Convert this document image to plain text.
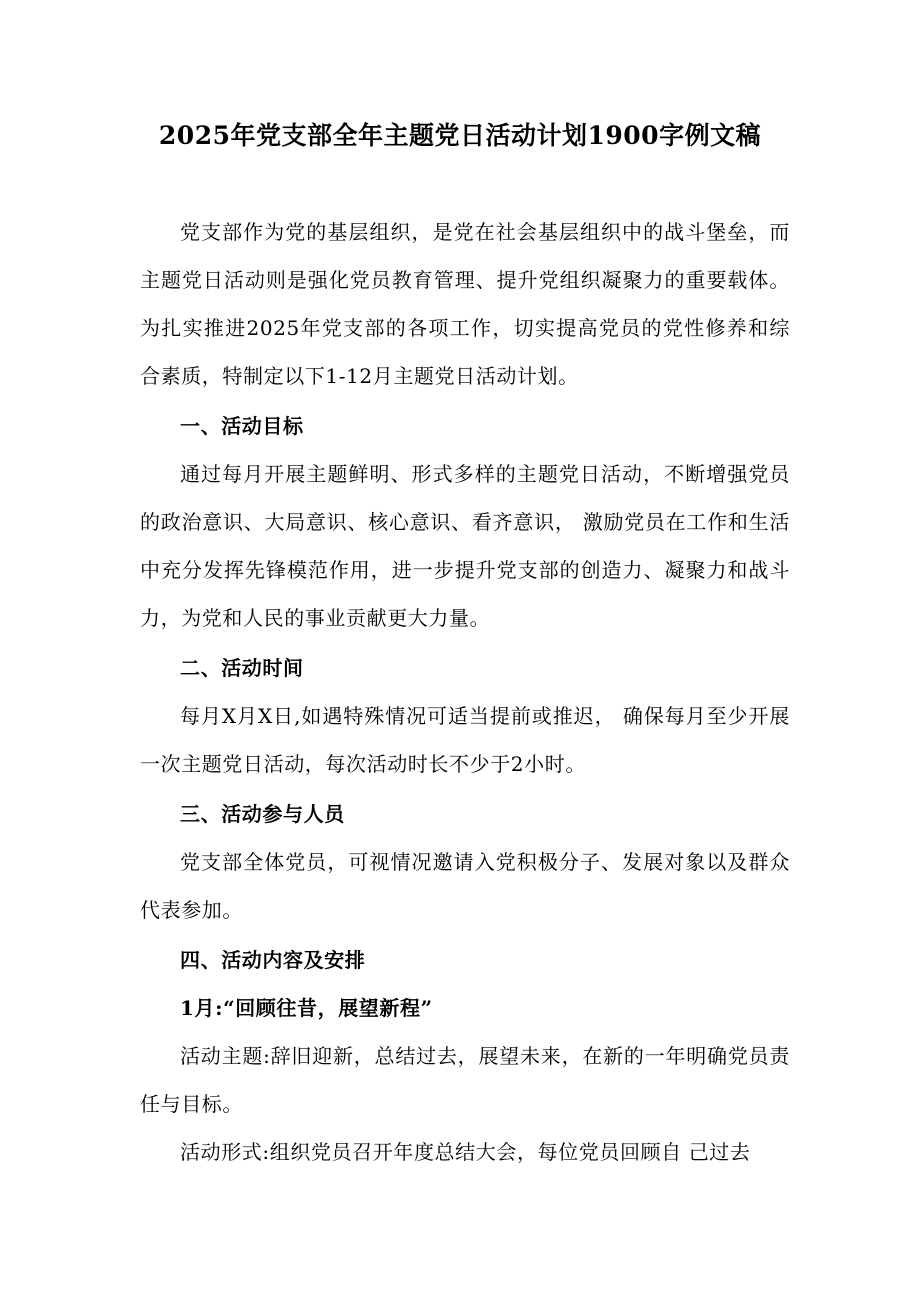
2025年党支部全年主题党日活动计划1900字例文稿

党支部作为党的基层组织，是党在社会基层组织中的战斗堡垒，而主题党日活动则是强化党员教育管理、提升党组织凝聚力的重要载体。为扎实推进2025年党支部的各项工作，切实提高党员的党性修养和综合素质，特制定以下1-12月主题党日活动计划。

一、活动目标

通过每月开展主题鲜明、形式多样的主题党日活动，不断增强党员的政治意识、大局意识、核心意识、看齐意识， 激励党员在工作和生活中充分发挥先锋模范作用，进一步提升党支部的创造力、凝聚力和战斗力，为党和人民的事业贡献更大力量。

二、活动时间

每月X月X日,如遇特殊情况可适当提前或推迟， 确保每月至少开展一次主题党日活动，每次活动时长不少于2小时。

三、活动参与人员

党支部全体党员，可视情况邀请入党积极分子、发展对象以及群众代表参加。

四、活动内容及安排

1月:“回顾往昔，展望新程”

活动主题:辞旧迎新，总结过去，展望未来，在新的一年明确党员责任与目标。

活动形式:组织党员召开年度总结大会，每位党员回顾自 己过去
